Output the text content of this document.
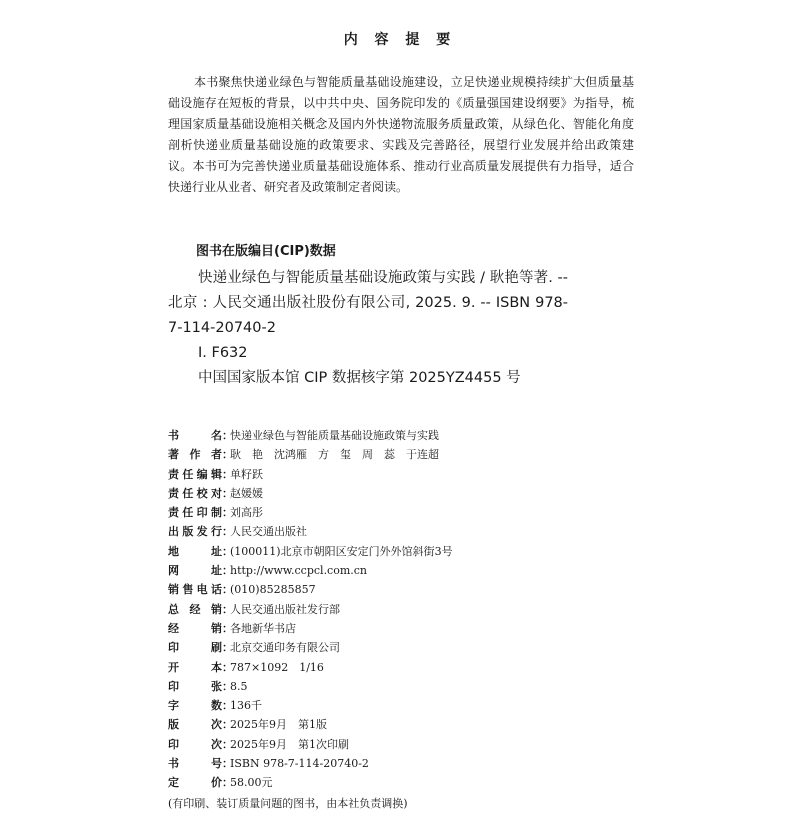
内 容 提 要

本书聚焦快递业绿色与智能质量基础设施建设，立足快递业规模持续扩大但质量基础设施存在短板的背景，以中共中央、国务院印发的《质量强国建设纲要》为指导，梳理国家质量基础设施相关概念及国内外快递物流服务质量政策，从绿色化、智能化角度剖析快递业质量基础设施的政策要求、实践及完善路径，展望行业发展并给出政策建议。本书可为完善快递业质量基础设施体系、推动行业高质量发展提供有力指导，适合快递行业从业者、研究者及政策制定者阅读。

图书在版编目(CIP)数据

快递业绿色与智能质量基础设施政策与实践 / 耿艳等著. -- 北京 : 人民交通出版社股份有限公司, 2025. 9. -- ISBN 978-7-114-20740-2

Ⅰ. F632

中国国家版本馆 CIP 数据核字第 2025YZ4455 号

书名 ：
快递业绿色与智能质量基础设施政策与实践
著作者 ：
耿　艳　沈鸿雁　方　玺　周　蕊　于连超
责任编辑 ：
单籽跃
责任校对 ：
赵媛媛
责任印制 ：
刘高彤
出版发行 ：
人民交通出版社
地址 ：
(100011)北京市朝阳区安定门外外馆斜街3号
网址 ：
http://www.ccpcl.com.cn
销售电话 ：
(010)85285857
总经销 ：
人民交通出版社发行部
经销 ：
各地新华书店
印刷 ：
北京交通印务有限公司
开本 ：
787×1092　1/16
印张 ：
8.5
字数 ：
136千
版次 ：
2025年9月　第1版
印次 ：
2025年9月　第1次印刷
书号 ：
ISBN 978-7-114-20740-2
定价 ：
58.00元
(有印刷、装订质量问题的图书，由本社负责调换)
